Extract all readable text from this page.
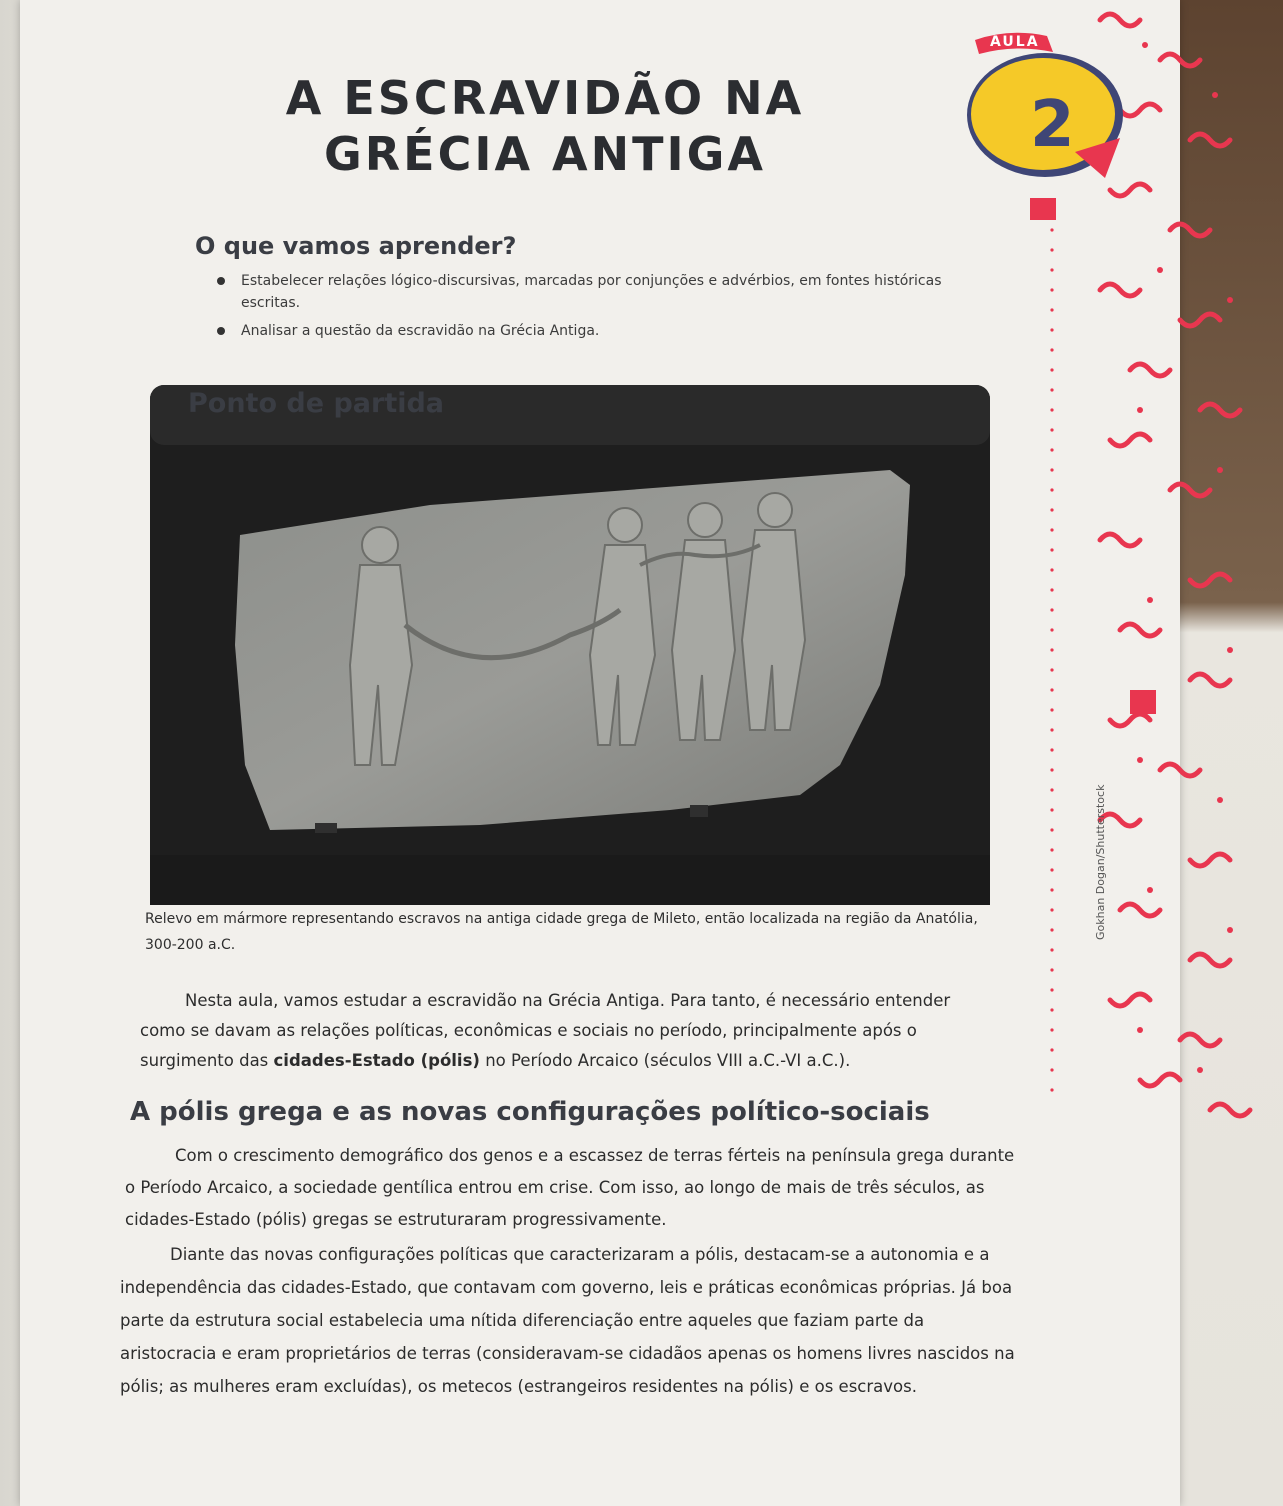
AULA
2
A ESCRAVIDÃO NA GRÉCIA ANTIGA
O que vamos aprender?
Estabelecer relações lógico-discursivas, marcadas por conjunções e advérbios, em fontes históricas escritas.
Analisar a questão da escravidão na Grécia Antiga.
Gokhan Dogan/Shutterstock
Ponto de partida

Relevo em mármore representando escravos na antiga cidade grega de Mileto, então localizada na região da Anatólia, 300-200 a.C.

Nesta aula, vamos estudar a escravidão na Grécia Antiga. Para tanto, é necessário entender como se davam as relações políticas, econômicas e sociais no período, principalmente após o surgimento das cidades-Estado (pólis) no Período Arcaico (séculos VIII a.C.-VI a.C.).

A pólis grega e as novas configurações político-sociais

Com o crescimento demográfico dos genos e a escassez de terras férteis na península grega durante o Período Arcaico, a sociedade gentílica entrou em crise. Com isso, ao longo de mais de três séculos, as cidades-Estado (pólis) gregas se estruturaram progressivamente.

Diante das novas configurações políticas que caracterizaram a pólis, destacam-se a autonomia e a independência das cidades-Estado, que contavam com governo, leis e práticas econômicas próprias. Já boa parte da estrutura social estabelecia uma nítida diferenciação entre aqueles que faziam parte da aristocracia e eram proprietários de terras (consideravam-se cidadãos apenas os homens livres nascidos na pólis; as mulheres eram excluídas), os metecos (estrangeiros residentes na pólis) e os escravos.
